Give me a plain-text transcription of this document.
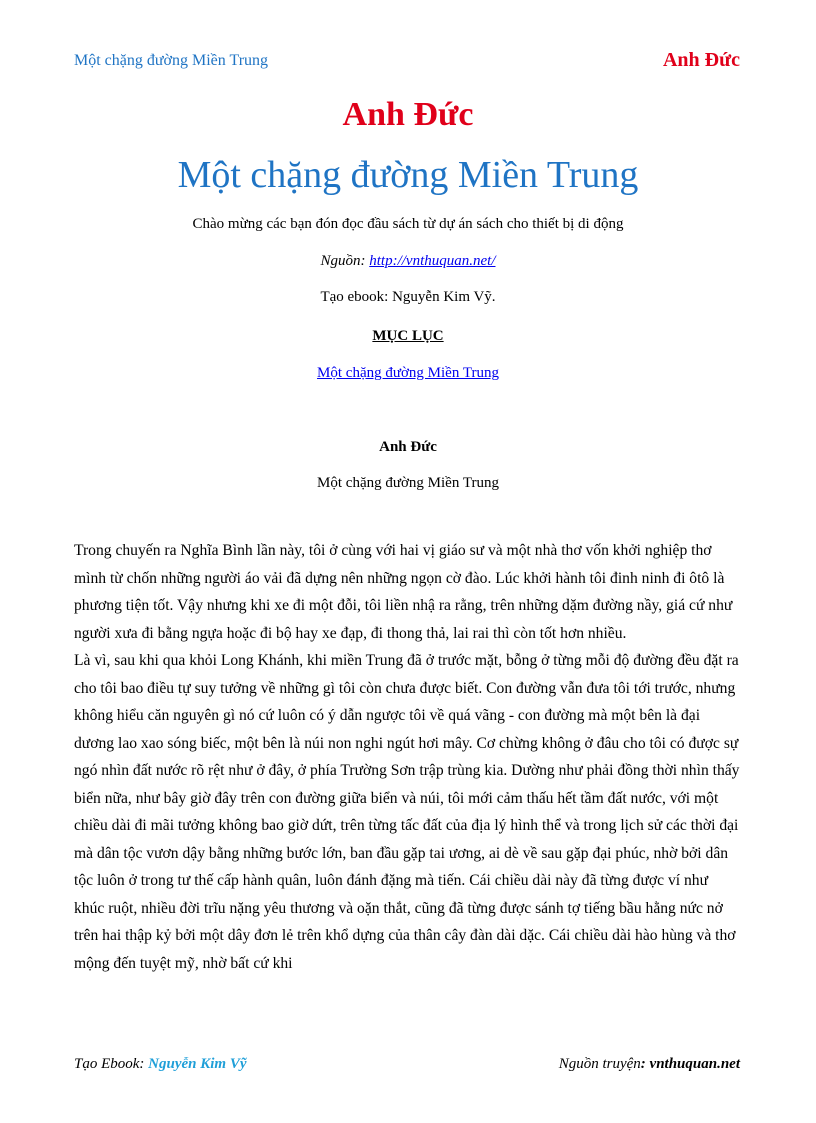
Một chặng đường Miền Trung	Anh Đức
Anh Đức
Một chặng đường Miền Trung
Chào mừng các bạn đón đọc đầu sách từ dự án sách cho thiết bị di động
Nguồn: http://vnthuquan.net/
Tạo ebook: Nguyễn Kim Vỹ.
MỤC LỤC
Một chặng đường Miền Trung
Anh Đức
Một chặng đường Miền Trung

Trong chuyến ra Nghĩa Bình lần này, tôi ở cùng với hai vị giáo sư và một nhà thơ vốn khởi nghiệp thơ mình từ chốn những người áo vải đã dựng nên những ngọn cờ đào. Lúc khởi hành tôi đinh ninh đi ôtô là phương tiện tốt. Vậy nhưng khi xe đi một đỗi, tôi liền nhậ ra rằng, trên những dặm đường nầy, giá cứ như người xưa đi bằng ngựa hoặc đi bộ hay xe đạp, đi thong thả, lai rai thì còn tốt hơn nhiều.

Là vì, sau khi qua khỏi Long Khánh, khi miền Trung đã ở trước mặt, bỗng ở từng mỗi độ đường đều đặt ra cho tôi bao điều tự suy tưởng về những gì tôi còn chưa được biết. Con đường vẫn đưa tôi tới trước, nhưng không hiểu căn nguyên gì nó cứ luôn có ý dẫn ngược tôi về quá vãng - con đường mà một bên là đại dương lao xao sóng biếc, một bên là núi non nghi ngút hơi mây. Cơ chừng không ở đâu cho tôi có được sự ngó nhìn đất nước rõ rệt như ở đây, ở phía Trường Sơn trập trùng kia. Dường như phải đồng thời nhìn thấy biển nữa, như bây giờ đây trên con đường giữa biển và núi, tôi mới cảm thấu hết tầm đất nước, với một chiều dài đi mãi tưởng không bao giờ dứt, trên từng tấc đất của địa lý hình thể và trong lịch sử các thời đại mà dân tộc vươn dậy bằng những bước lớn, ban đầu gặp tai ương, ai dè về sau gặp đại phúc, nhờ bởi dân tộc luôn ở trong tư thế cấp hành quân, luôn đánh đặng mà tiến. Cái chiều dài này đã từng được ví như khúc ruột, nhiều đời trĩu nặng yêu thương và oặn thắt, cũng đã từng được sánh tợ tiếng bầu hằng nức nở trên hai thập kỷ bởi một dây đơn lẻ trên khổ dựng của thân cây đàn dài dặc. Cái chiều dài hào hùng và thơ mộng đến tuyệt mỹ, nhờ bất cứ khi

Tạo Ebook: Nguyễn Kim Vỹ	Nguồn truyện: vnthuquan.net
